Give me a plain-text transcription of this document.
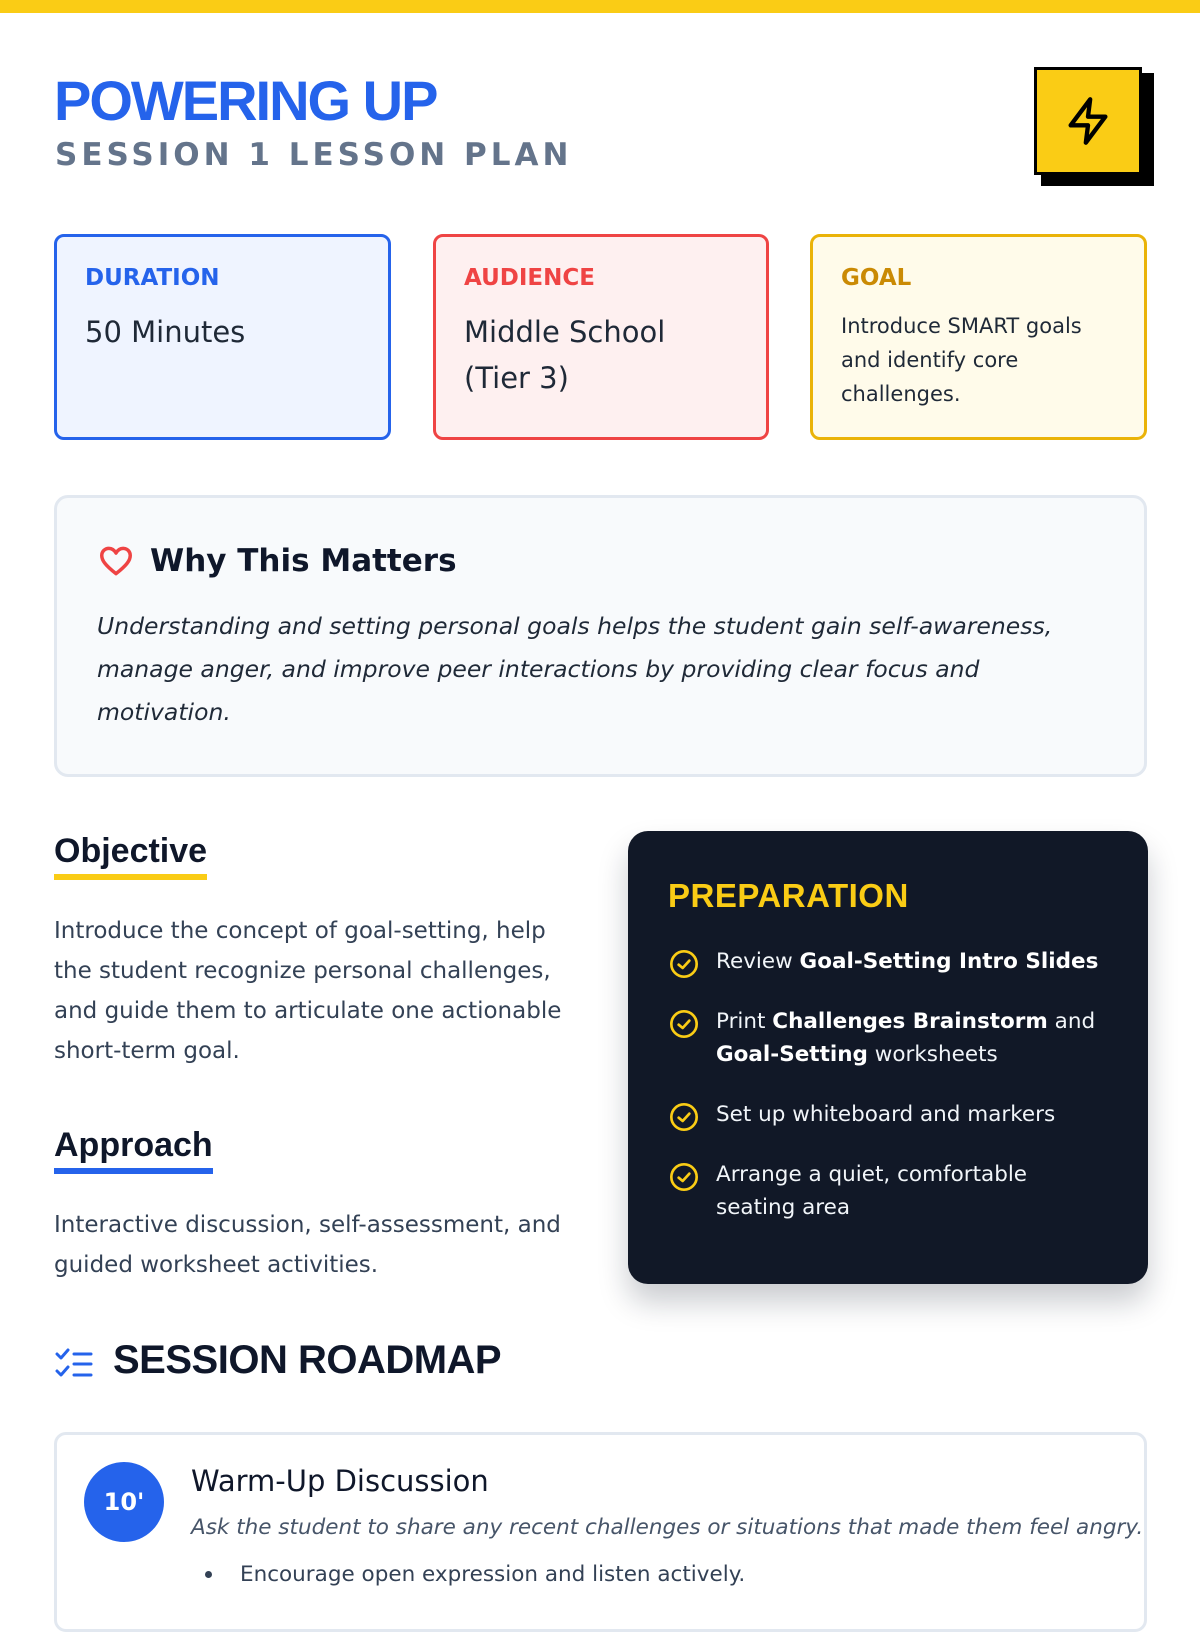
POWERING UP
SESSION 1 LESSON PLAN
DURATION
50 Minutes
AUDIENCE
Middle School (Tier 3)
GOAL
Introduce SMART goals and identify core challenges.
Why This Matters
Understanding and setting personal goals helps the student gain self-awareness, manage anger, and improve peer interactions by providing clear focus and motivation.
Objective
Introduce the concept of goal-setting, help the student recognize personal challenges, and guide them to articulate one actionable short-term goal.
Approach
Interactive discussion, self-assessment, and guided worksheet activities.
PREPARATION
Review Goal-Setting Intro Slides
Print Challenges Brainstorm and Goal-Setting worksheets
Set up whiteboard and markers
Arrange a quiet, comfortable seating area
SESSION ROADMAP
10'
Warm-Up Discussion
Ask the student to share any recent challenges or situations that made them feel angry.
Encourage open expression and listen actively.
